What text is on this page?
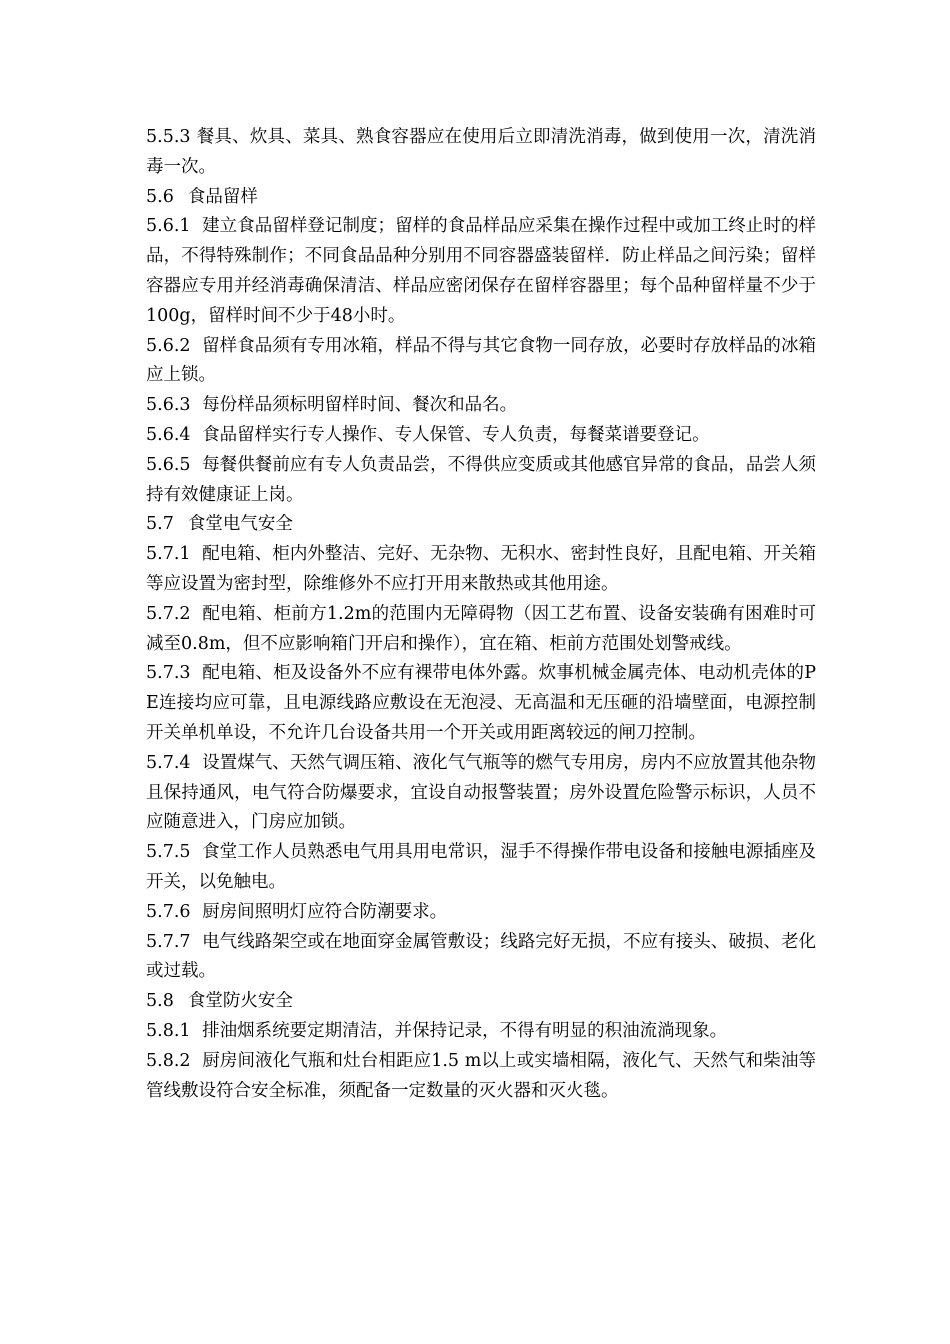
5.5.3 餐具、炊具、菜具、熟食容器应在使用后立即清洗消毒，做到使用一次，清洗消毒一次。

5.6 食品留样

5.6.1 建立食品留样登记制度；留样的食品样品应采集在操作过程中或加工终止时的样品，不得特殊制作；不同食品品种分别用不同容器盛装留样．防止样品之间污染；留样容器应专用并经消毒确保清洁、样品应密闭保存在留样容器里；每个品种留样量不少于100g，留样时间不少于48小时。

5.6.2 留样食品须有专用冰箱，样品不得与其它食物一同存放，必要时存放样品的冰箱应上锁。

5.6.3 每份样品须标明留样时间、餐次和品名。

5.6.4 食品留样实行专人操作、专人保管、专人负责，每餐菜谱要登记。

5.6.5 每餐供餐前应有专人负责品尝，不得供应变质或其他感官异常的食品，品尝人须持有效健康证上岗。

5.7 食堂电气安全

5.7.1 配电箱、柜内外整洁、完好、无杂物、无积水、密封性良好，且配电箱、开关箱等应设置为密封型，除维修外不应打开用来散热或其他用途。

5.7.2 配电箱、柜前方1.2m的范围内无障碍物（因工艺布置、设备安装确有困难时可减至0.8m，但不应影响箱门开启和操作），宜在箱、柜前方范围处划警戒线。

5.7.3 配电箱、柜及设备外不应有裸带电体外露。炊事机械金属壳体、电动机壳体的PE连接均应可靠，且电源线路应敷设在无泡浸、无高温和无压砸的沿墙壁面，电源控制开关单机单设，不允许几台设备共用一个开关或用距离较远的闸刀控制。

5.7.4 设置煤气、天然气调压箱、液化气气瓶等的燃气专用房，房内不应放置其他杂物且保持通风，电气符合防爆要求，宜设自动报警装置；房外设置危险警示标识，人员不应随意进入，门房应加锁。

5.7.5 食堂工作人员熟悉电气用具用电常识，湿手不得操作带电设备和接触电源插座及开关，以免触电。

5.7.6 厨房间照明灯应符合防潮要求。

5.7.7 电气线路架空或在地面穿金属管敷设；线路完好无损，不应有接头、破损、老化或过载。

5.8 食堂防火安全

5.8.1 排油烟系统要定期清洁，并保持记录，不得有明显的积油流淌现象。

5.8.2 厨房间液化气瓶和灶台相距应1.5 m以上或实墙相隔，液化气、天然气和柴油等管线敷设符合安全标准，须配备一定数量的灭火器和灭火毯。
